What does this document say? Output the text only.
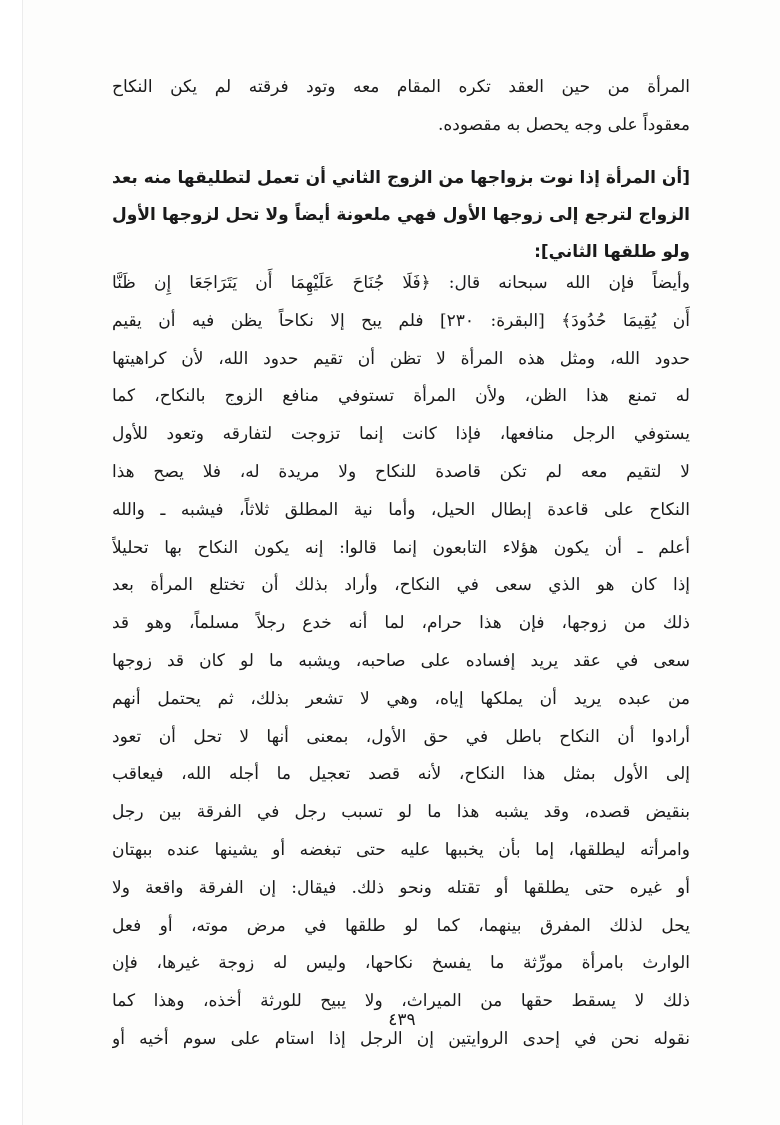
المرأة من حين العقد تكره المقام معه وتود فرقته لم يكن النكاح
معقوداً على وجه يحصل به مقصوده.
[أن المرأة إذا نوت بزواجها من الزوج الثاني أن تعمل لتطليقها منه بعد
الزواج لترجع إلى زوجها الأول فهي ملعونة أيضاً ولا تحل لزوجها الأول
ولو طلقها الثاني]:
وأيضاً فإن الله سبحانه قال: ﴿فَلَا جُنَاحَ عَلَيْهِمَا أَن يَتَرَاجَعَا إِن ظَنَّا
أَن يُقِيمَا حُدُودَ﴾ [البقرة: ٢٣٠] فلم يبح إلا نكاحاً يظن فيه أن يقيم
حدود الله، ومثل هذه المرأة لا تظن أن تقيم حدود الله، لأن كراهيتها
له تمنع هذا الظن، ولأن المرأة تستوفي منافع الزوج بالنكاح، كما
يستوفي الرجل منافعها، فإذا كانت إنما تزوجت لتفارقه وتعود للأول
لا لتقيم معه لم تكن قاصدة للنكاح ولا مريدة له، فلا يصح هذا
النكاح على قاعدة إبطال الحيل، وأما نية المطلق ثلاثاً، فيشبه ـ والله
أعلم ـ أن يكون هؤلاء التابعون إنما قالوا: إنه يكون النكاح بها تحليلاً
إذا كان هو الذي سعى في النكاح، وأراد بذلك أن تختلع المرأة بعد
ذلك من زوجها، فإن هذا حرام، لما أنه خدع رجلاً مسلماً، وهو قد
سعى في عقد يريد إفساده على صاحبه، ويشبه ما لو كان قد زوجها
من عبده يريد أن يملكها إياه، وهي لا تشعر بذلك، ثم يحتمل أنهم
أرادوا أن النكاح باطل في حق الأول، بمعنى أنها لا تحل أن تعود
إلى الأول بمثل هذا النكاح، لأنه قصد تعجيل ما أجله الله، فيعاقب
بنقيض قصده، وقد يشبه هذا ما لو تسبب رجل في الفرقة بين رجل
وامرأته ليطلقها، إما بأن يخببها عليه حتى تبغضه أو يشينها عنده ببهتان
أو غيره حتى يطلقها أو تقتله ونحو ذلك. فيقال: إن الفرقة واقعة ولا
يحل لذلك المفرق بينهما، كما لو طلقها في مرض موته، أو فعل
الوارث بامرأة مورِّثة ما يفسخ نكاحها، وليس له زوجة غيرها، فإن
ذلك لا يسقط حقها من الميراث، ولا يبيح للورثة أخذه، وهذا كما
نقوله نحن في إحدى الروايتين إن الرجل إذا استام على سوم أخيه أو
٤٣٩
